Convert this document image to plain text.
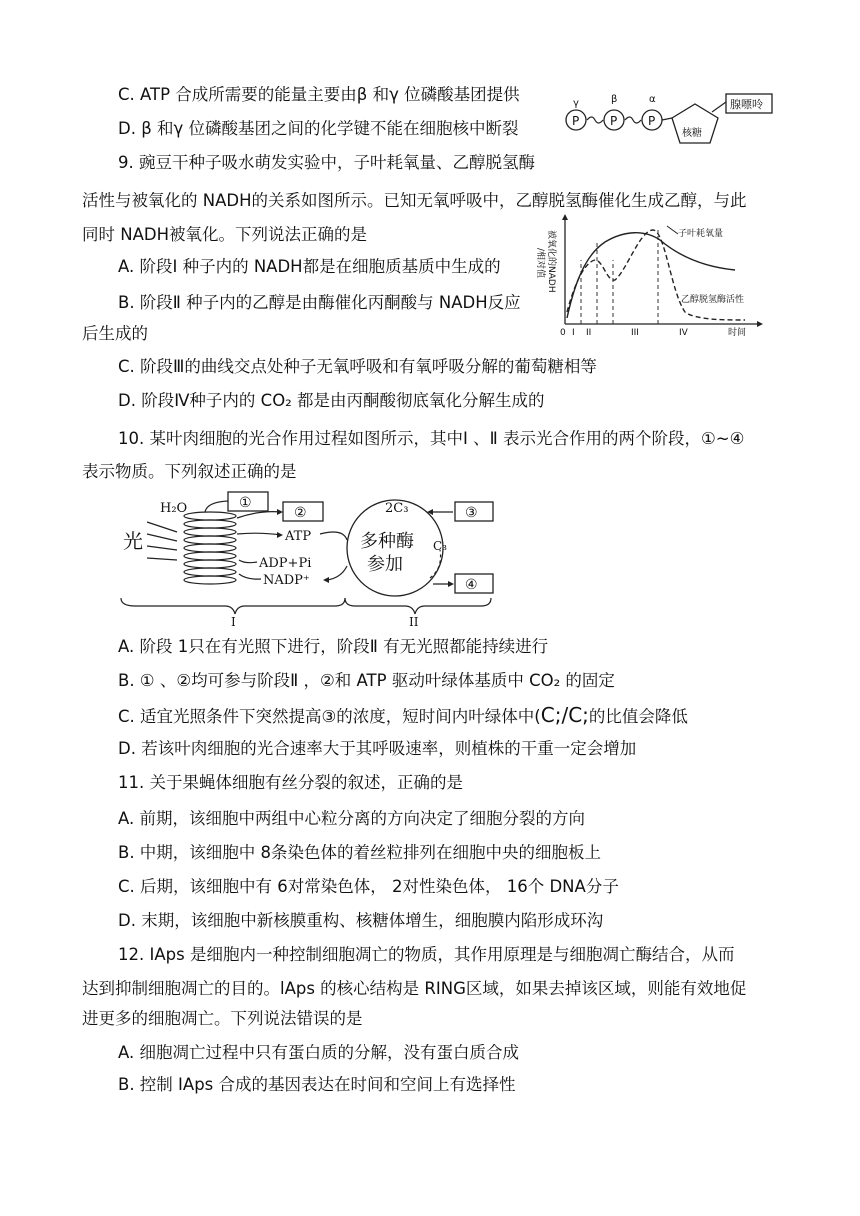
C. ATP 合成所需要的能量主要由β 和γ 位磷酸基团提供
D. β 和γ 位磷酸基团之间的化学键不能在细胞核中断裂
9. 豌豆干种子吸水萌发实验中，子叶耗氧量、乙醇脱氢酶
活性与被氧化的 NADH的关系如图所示。已知无氧呼吸中，乙醇脱氢酶催化生成乙醇，与此
同时 NADH被氧化。下列说法正确的是
A. 阶段Ⅰ 种子内的 NADH都是在细胞质基质中生成的
B. 阶段Ⅱ 种子内的乙醇是由酶催化丙酮酸与 NADH反应
后生成的
C. 阶段Ⅲ的曲线交点处种子无氧呼吸和有氧呼吸分解的葡萄糖相等
D. 阶段Ⅳ种子内的 CO₂ 都是由丙酮酸彻底氧化分解生成的
10. 某叶肉细胞的光合作用过程如图所示，其中Ⅰ 、Ⅱ 表示光合作用的两个阶段，①~④
表示物质。下列叙述正确的是
A. 阶段 1只在有光照下进行，阶段Ⅱ 有无光照都能持续进行
B. ① 、②均可参与阶段Ⅱ ，②和 ATP 驱动叶绿体基质中 CO₂ 的固定
C. 适宜光照条件下突然提高③的浓度，短时间内叶绿体中(C;/C;的比值会降低
D. 若该叶肉细胞的光合速率大于其呼吸速率，则植株的干重一定会增加
11. 关于果蝇体细胞有丝分裂的叙述，正确的是
A. 前期，该细胞中两组中心粒分离的方向决定了细胞分裂的方向
B. 中期，该细胞中 8条染色体的着丝粒排列在细胞中央的细胞板上
C. 后期，该细胞中有 6对常染色体， 2对性染色体， 16个 DNA分子
D. 末期，该细胞中新核膜重构、核糖体增生，细胞膜内陷形成环沟
12. IAps 是细胞内一种控制细胞凋亡的物质，其作用原理是与细胞凋亡酶结合，从而
达到抑制细胞凋亡的目的。lAps 的核心结构是 RING区域，如果去掉该区域，则能有效地促
进更多的细胞凋亡。下列说法错误的是
A. 细胞凋亡过程中只有蛋白质的分解，没有蛋白质合成
B. 控制 IAps 合成的基因表达在时间和空间上有选择性
γ	β	α
P	P	P
核糖
腺嘌呤
被氧化的NADH
/相对值
子叶耗氧量
乙醇脱氢酶活性
0 I II	III	IV	时间
光
H₂O	①
②
ATP
ADP+Pi
NADP⁺
多种酶
参加
2C₃
C₃
③
④
I	II
